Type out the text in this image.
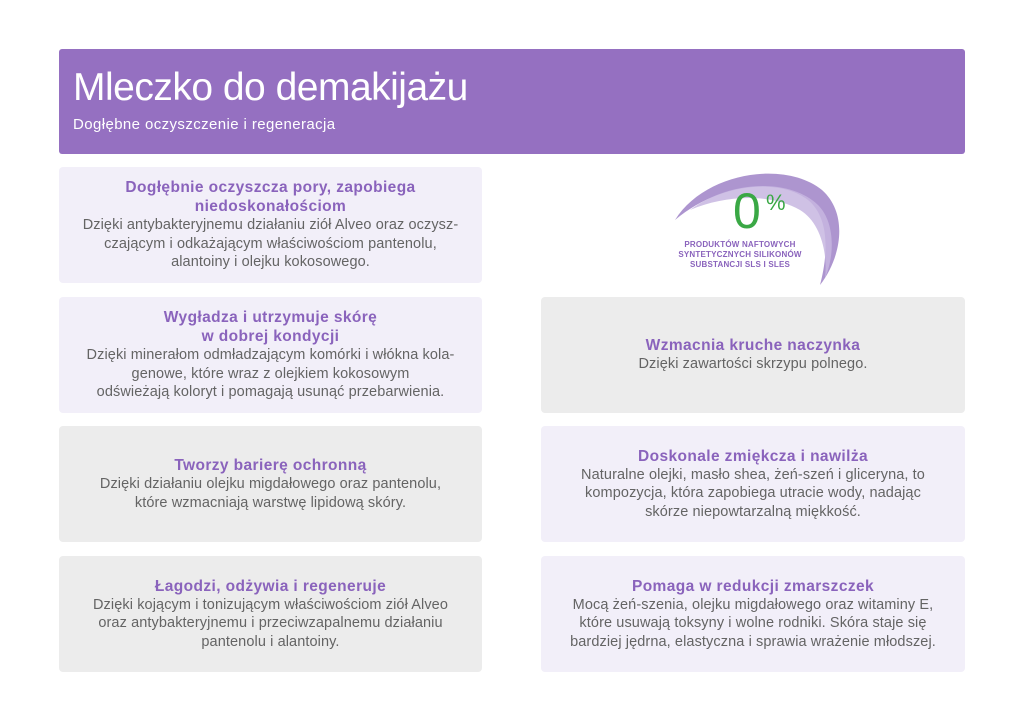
Mleczko do demakijażu
Dogłębne oczyszczenie i regeneracja
0 %
PRODUKTÓW NAFTOWYCH
SYNTETYCZNYCH SILIKONÓW
SUBSTANCJI SLS I SLES
Dogłębnie oczyszcza pory, zapobiega
niedoskonałościom
Dzięki antybakteryjnemu działaniu ziół Alveo oraz oczysz-
czającym i odkażającym właściwościom pantenolu,
alantoiny i olejku kokosowego.
Wygładza i utrzymuje skórę
w dobrej kondycji
Dzięki minerałom odmładzającym komórki i włókna kola-
genowe, które wraz z olejkiem kokosowym
odświeżają koloryt i pomagają usunąć przebarwienia.
Wzmacnia kruche naczynka
Dzięki zawartości skrzypu polnego.
Tworzy barierę ochronną
Dzięki działaniu olejku migdałowego oraz pantenolu,
które wzmacniają warstwę lipidową skóry.
Doskonale zmiękcza i nawilża
Naturalne olejki, masło shea, żeń-szeń i gliceryna, to
kompozycja, która zapobiega utracie wody, nadając
skórze niepowtarzalną miękkość.
Łagodzi, odżywia i regeneruje
Dzięki kojącym i tonizującym właściwościom ziół Alveo
oraz antybakteryjnemu i przeciwzapalnemu działaniu
pantenolu i alantoiny.
Pomaga w redukcji zmarszczek
Mocą żeń-szenia, olejku migdałowego oraz witaminy E,
które usuwają toksyny i wolne rodniki. Skóra staje się
bardziej jędrna, elastyczna i sprawia wrażenie młodszej.
